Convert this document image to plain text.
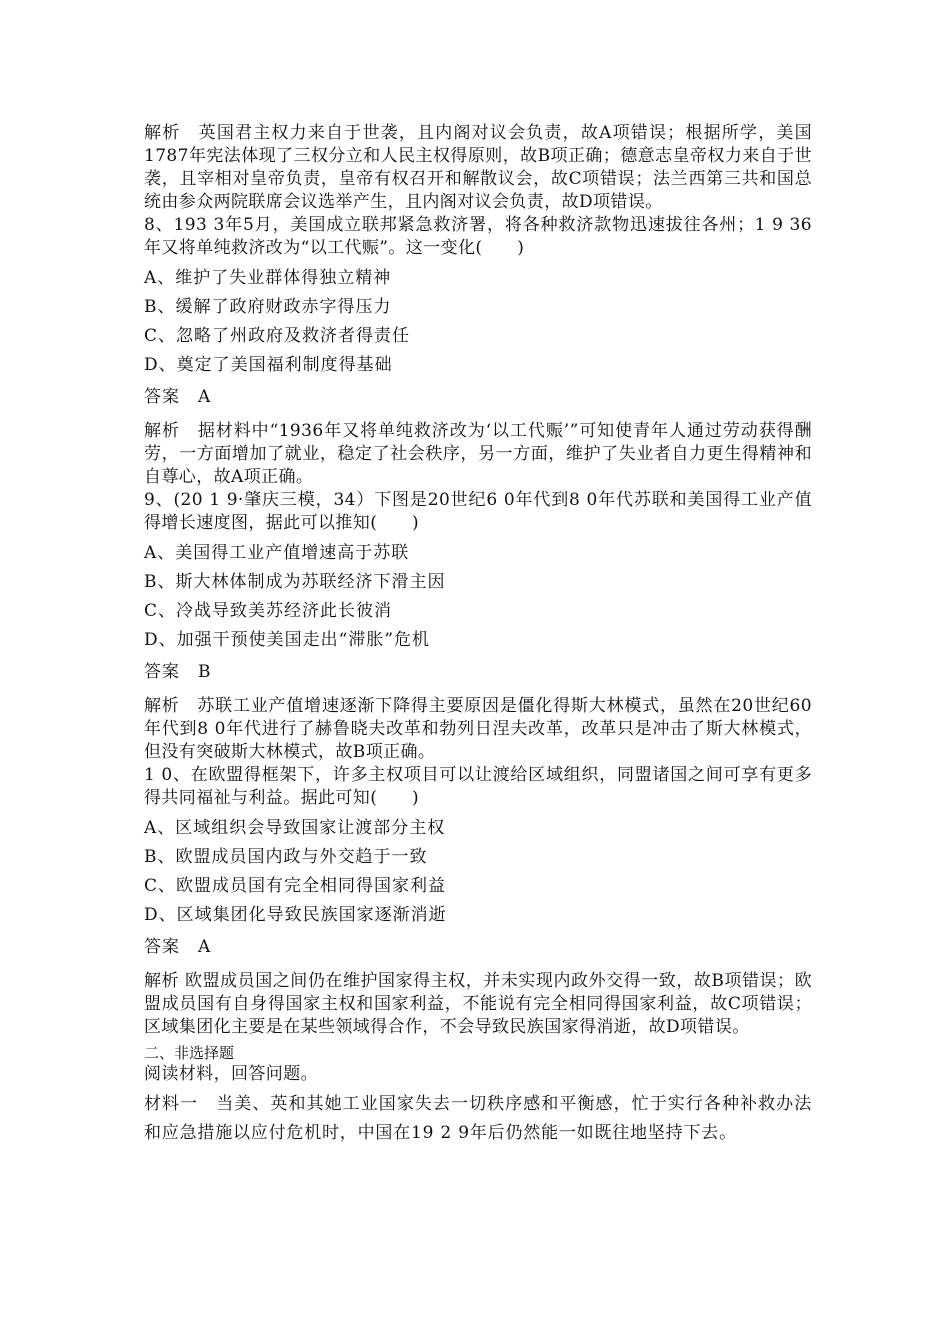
解析　英国君主权力来自于世袭，且内阁对议会负责，故A项错误；根据所学，美国1787年宪法体现了三权分立和人民主权得原则，故B项正确；德意志皇帝权力来自于世袭，且宰相对皇帝负责，皇帝有权召开和解散议会，故C项错误；法兰西第三共和国总统由参众两院联席会议选举产生，且内阁对议会负责，故D项错误。

8、193 3年5月，美国成立联邦紧急救济署，将各种救济款物迅速拔往各州；1 9 36年又将单纯救济改为“以工代赈”。这一变化(　　)

A、维护了失业群体得独立精神

B、缓解了政府财政赤字得压力

C、忽略了州政府及救济者得责任

D、奠定了美国福利制度得基础

答案　A

解析　据材料中“1936年又将单纯救济改为‘以工代赈’”可知使青年人通过劳动获得酬劳，一方面增加了就业，稳定了社会秩序，另一方面，维护了失业者自力更生得精神和自尊心，故A项正确。

9、(20 1 9·肇庆三模，34）下图是20世纪6 0年代到8 0年代苏联和美国得工业产值得增长速度图，据此可以推知(　　)

A、美国得工业产值增速高于苏联

B、斯大林体制成为苏联经济下滑主因

C、冷战导致美苏经济此长彼消

D、加强干预使美国走出“滞胀”危机

答案　B

解析　苏联工业产值增速逐渐下降得主要原因是僵化得斯大林模式，虽然在20世纪60年代到8 0年代进行了赫鲁晓夫改革和勃列日涅夫改革，改革只是冲击了斯大林模式，但没有突破斯大林模式，故B项正确。

1 0、在欧盟得框架下，许多主权项目可以让渡给区域组织，同盟诸国之间可享有更多得共同福祉与利益。据此可知(　　)

A、区域组织会导致国家让渡部分主权

B、欧盟成员国内政与外交趋于一致

C、欧盟成员国有完全相同得国家利益

D、区域集团化导致民族国家逐渐消逝

答案　A

解析 欧盟成员国之间仍在维护国家得主权，并未实现内政外交得一致，故B项错误；欧盟成员国有自身得国家主权和国家利益，不能说有完全相同得国家利益，故C项错误；区域集团化主要是在某些领域得合作，不会导致民族国家得消逝，故D项错误。

二、非选择题

阅读材料，回答问题。

材料一　当美、英和其她工业国家失去一切秩序感和平衡感，忙于实行各种补救办法和应急措施以应付危机时，中国在19 2 9年后仍然能一如既往地坚持下去。
